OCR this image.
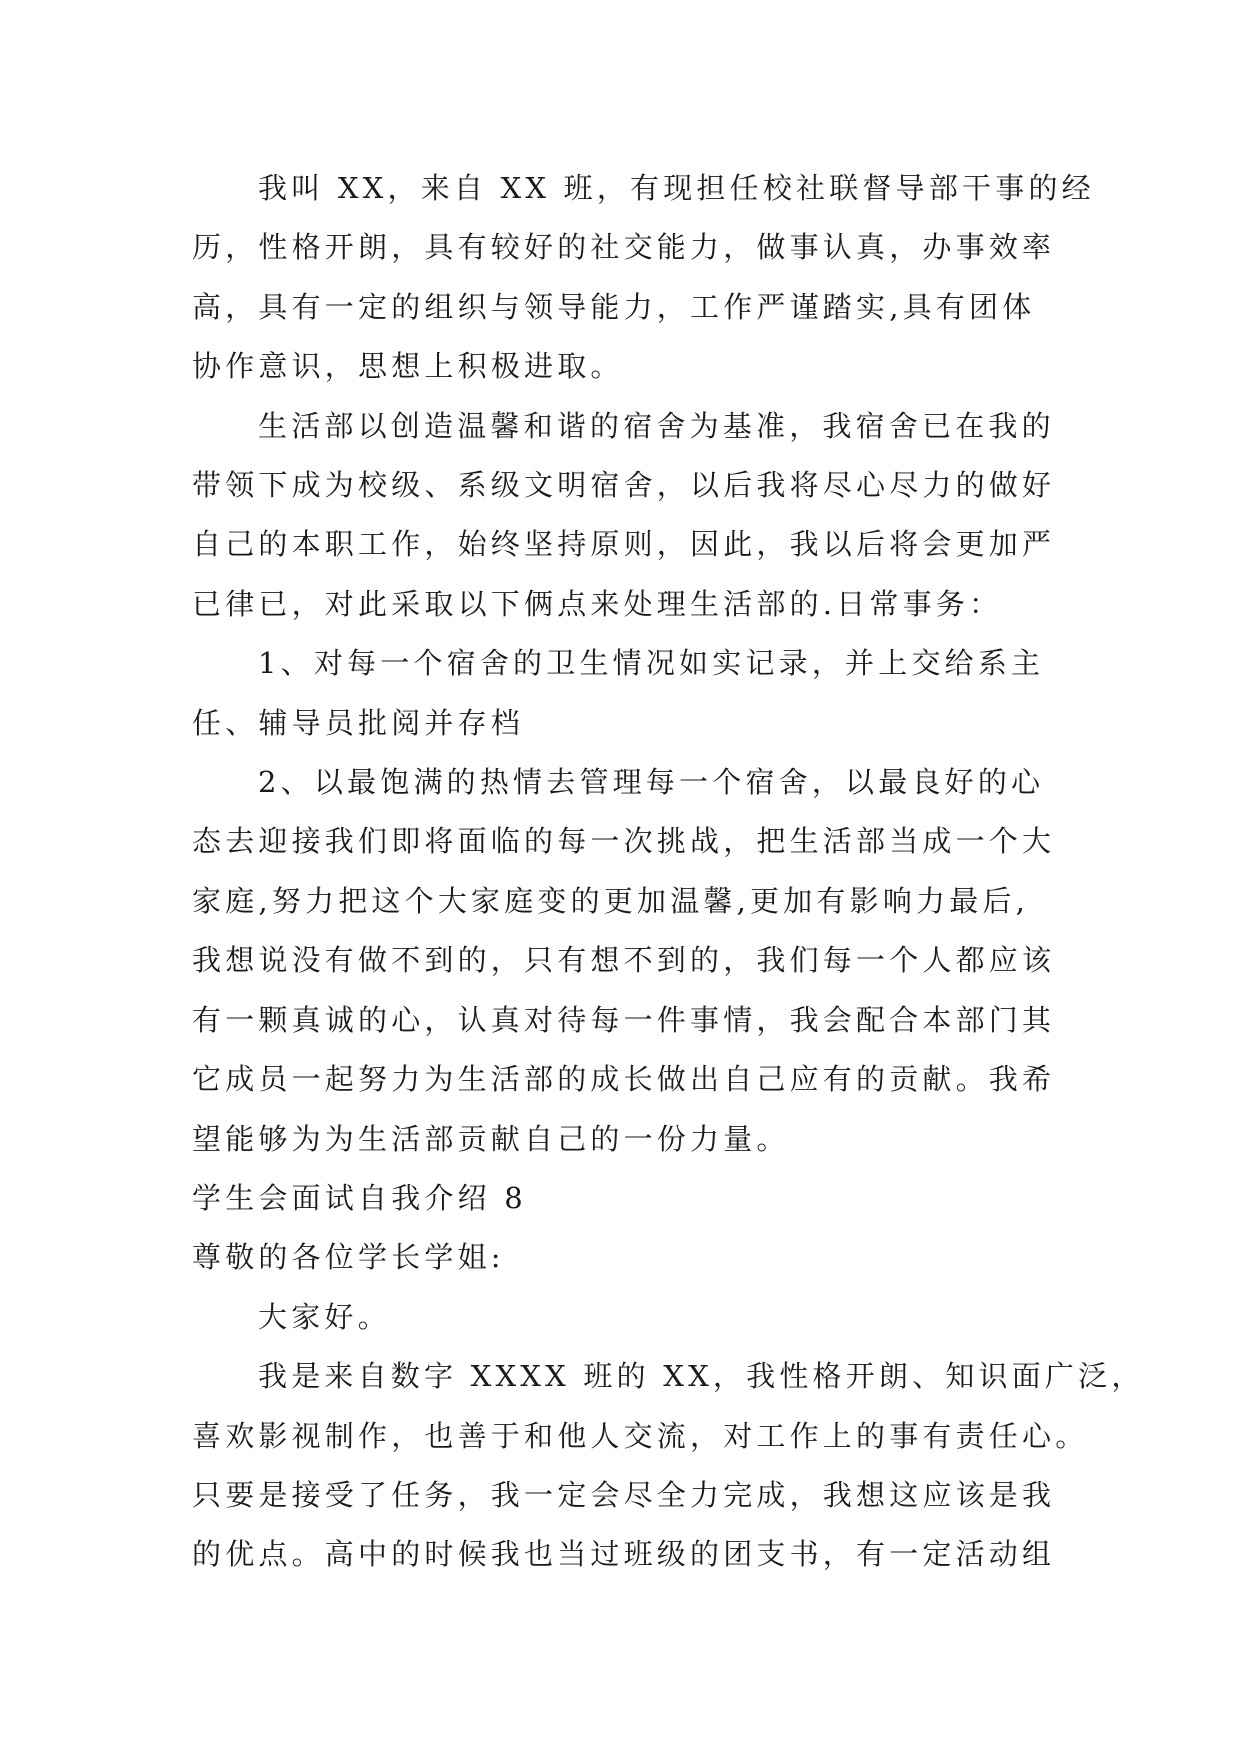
我叫 XX，来自 XX 班，有现担任校社联督导部干事的经
历，性格开朗，具有较好的社交能力，做事认真，办事效率
高，具有一定的组织与领导能力，工作严谨踏实,具有团体
协作意识，思想上积极进取。

生活部以创造温馨和谐的宿舍为基准，我宿舍已在我的
带领下成为校级、系级文明宿舍，以后我将尽心尽力的做好
自己的本职工作，始终坚持原则，因此，我以后将会更加严
已律已，对此采取以下俩点来处理生活部的.日常事务：

1、对每一个宿舍的卫生情况如实记录，并上交给系主
任、辅导员批阅并存档

2、以最饱满的热情去管理每一个宿舍，以最良好的心
态去迎接我们即将面临的每一次挑战，把生活部当成一个大
家庭,努力把这个大家庭变的更加温馨,更加有影响力最后,
我想说没有做不到的，只有想不到的，我们每一个人都应该
有一颗真诚的心，认真对待每一件事情，我会配合本部门其
它成员一起努力为生活部的成长做出自己应有的贡献。我希
望能够为为生活部贡献自己的一份力量。

学生会面试自我介绍 8

尊敬的各位学长学姐:

大家好。

我是来自数字 XXXX 班的 XX，我性格开朗、知识面广泛，
喜欢影视制作，也善于和他人交流，对工作上的事有责任心。
只要是接受了任务，我一定会尽全力完成，我想这应该是我
的优点。高中的时候我也当过班级的团支书，有一定活动组
